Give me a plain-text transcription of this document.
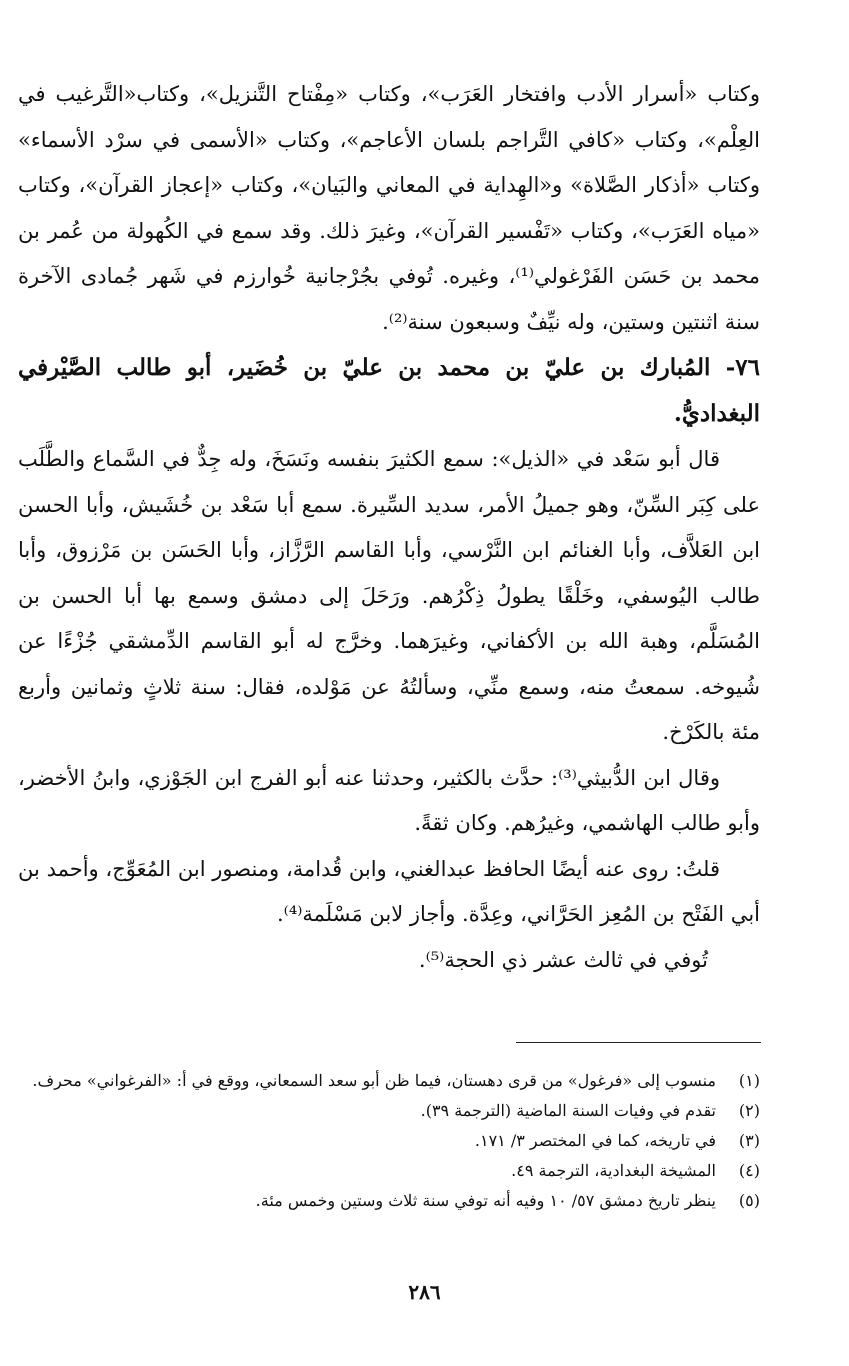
وكتاب «أسرار الأدب وافتخار العَرَب»، وكتاب «مِفْتاح التَّنزيل»، وكتاب«التَّرغيب في العِلْم»، وكتاب «كافي التَّراجم بلسان الأعاجم»، وكتاب «الأسمى في سرْد الأسماء» وكتاب «أذكار الصَّلاة» و«الهِداية في المعاني والبَيان»، وكتاب «إعجاز القرآن»، وكتاب «مياه العَرَب»، وكتاب «تَفْسير القرآن»، وغيرَ ذلك. وقد سمع في الكُهولة من عُمر بن محمد بن حَسَن الفَرْغولي⁽¹⁾، وغيره. تُوفي بجُرْجانية خُوارزم في شَهر جُمادى الآخرة سنة اثنتين وستين، وله نيِّفٌ وسبعون سنة⁽²⁾.

٧٦- المُبارك بن عليّ بن محمد بن عليّ بن خُضَير، أبو طالب الصَّيْرفي البغداديُّ.

قال أبو سَعْد في «الذيل»: سمع الكثيرَ بنفسه ونَسَخَ، وله جِدٌّ في السَّماع والطَّلَب على كِبَر السِّنّ، وهو جميلُ الأمر، سديد السِّيرة. سمع أبا سَعْد بن خُشَيش، وأبا الحسن ابن العَلاَّف، وأبا الغنائم ابن النَّرْسي، وأبا القاسم الرَّزَّاز، وأبا الحَسَن بن مَرْزوق، وأبا طالب اليُوسفي، وخَلْقًا يطولُ ذِكْرُهم. ورَحَلَ إلى دمشق وسمع بها أبا الحسن بن المُسَلَّم، وهبة الله بن الأكفاني، وغيرَهما. وخرَّج له أبو القاسم الدِّمشقي جُزْءًا عن شُيوخه. سمعتُ منه، وسمع منِّي، وسألتُهُ عن مَوْلده، فقال: سنة ثلاثٍ وثمانين وأربع مئة بالكَرْخ.

وقال ابن الدُّبيثي⁽³⁾: حدَّث بالكثير، وحدثنا عنه أبو الفرج ابن الجَوْزي، وابنُ الأخضر، وأبو طالب الهاشمي، وغيرُهم. وكان ثقةً.

قلتُ: روى عنه أيضًا الحافظ عبدالغني، وابن قُدامة، ومنصور ابن المُعَوِّج، وأحمد بن أبي الفَتْح بن المُعِز الحَرَّاني، وعِدَّة. وأجاز لابن مَسْلَمة⁽⁴⁾.

تُوفي في ثالث عشر ذي الحجة⁽⁵⁾.

(١)
منسوب إلى «فرغول» من قرى دهستان، فيما ظن أبو سعد السمعاني، ووقع في أ: «الفرغواني» محرف.
(٢)
تقدم في وفيات السنة الماضية (الترجمة ٣٩).
(٣)
في تاريخه، كما في المختصر ٣/ ١٧١.
(٤)
المشيخة البغدادية، الترجمة ٤٩.
(٥)
ينظر تاريخ دمشق ٥٧/ ١٠ وفيه أنه توفي سنة ثلاث وستين وخمس مئة.
٢٨٦
